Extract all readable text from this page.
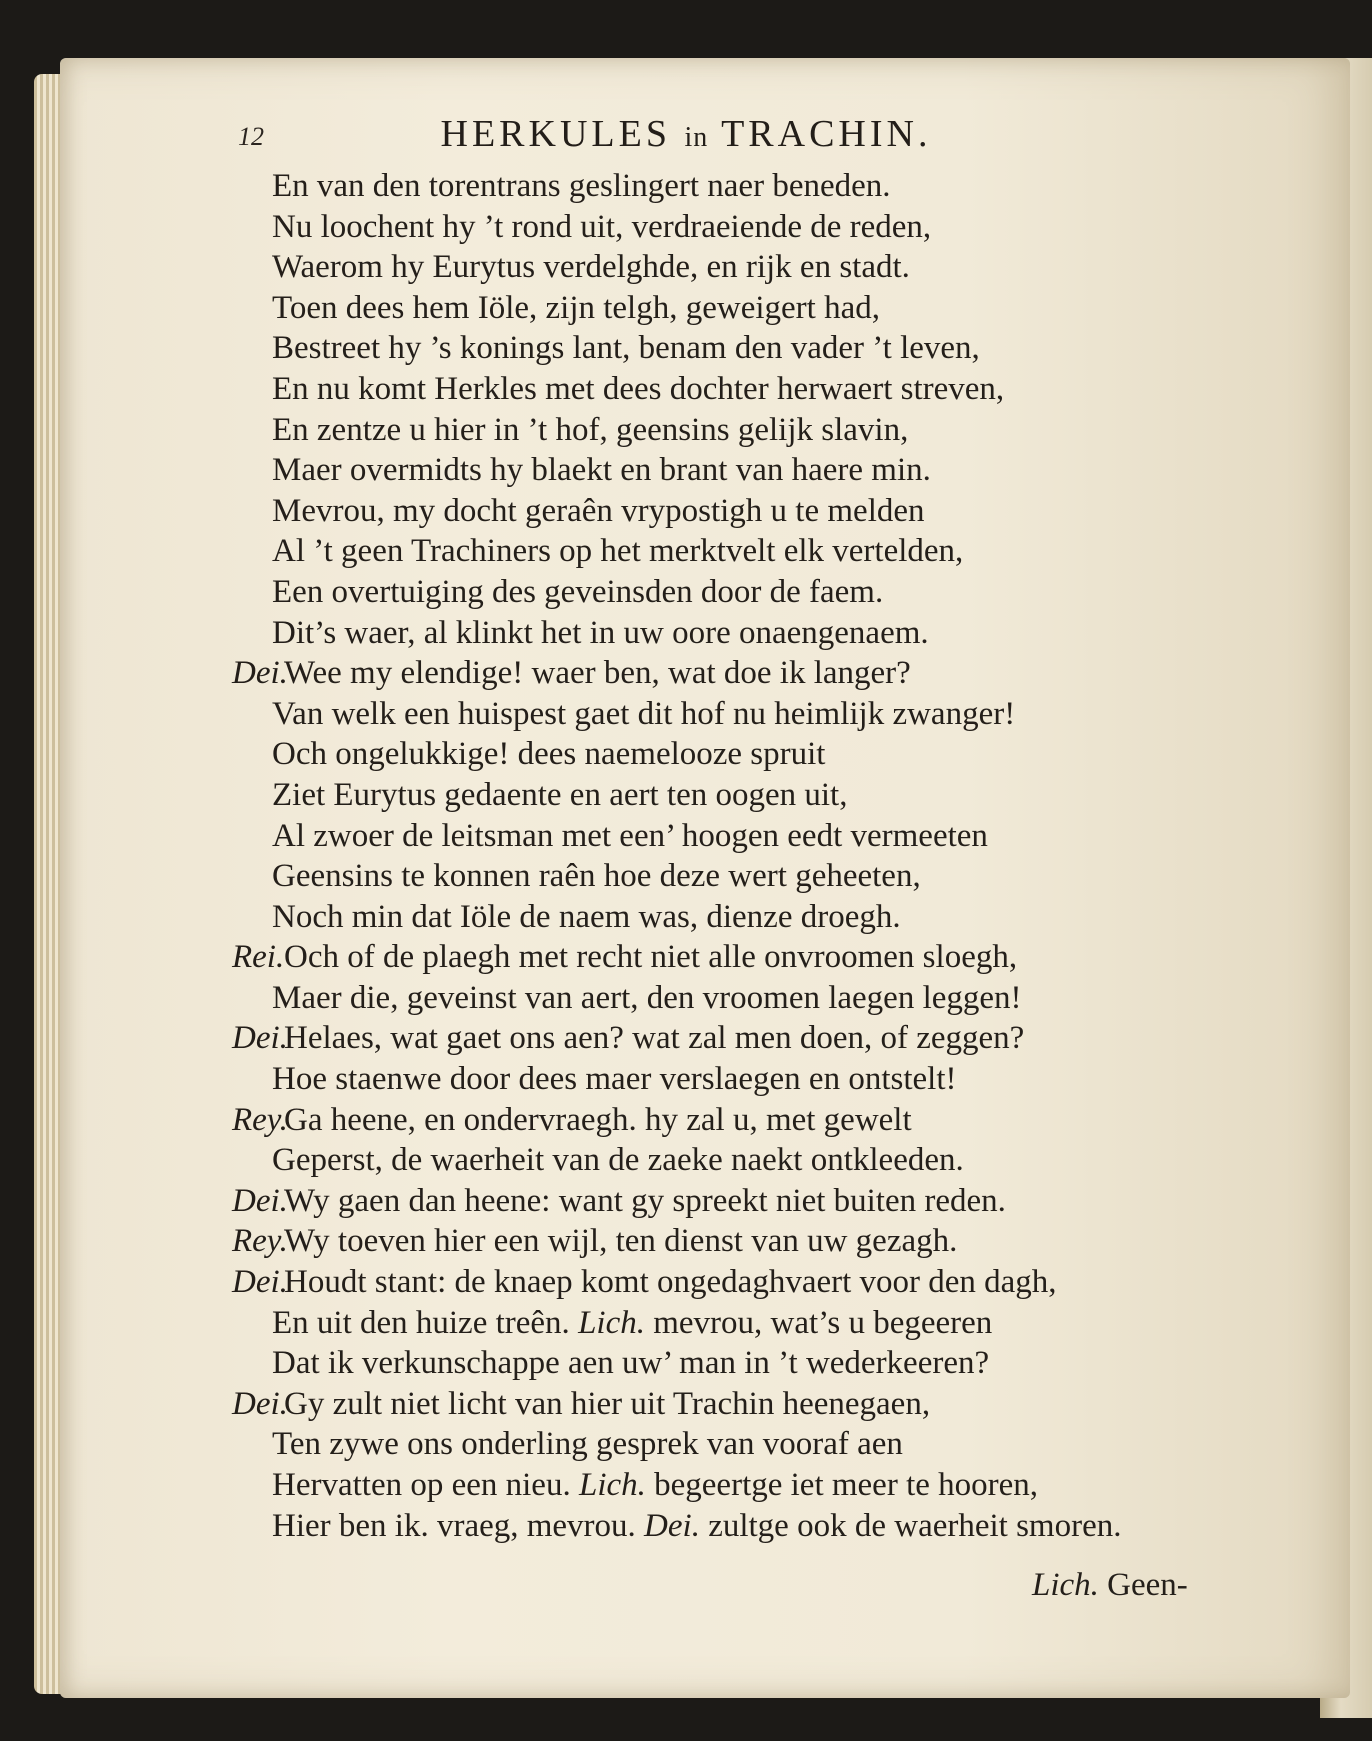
12	HERKULES in TRACHIN.
En van den torentrans geslingert naer beneden.
Nu loochent hy ’t rond uit, verdraeiende de reden,
Waerom hy Eurytus verdelghde, en rijk en stadt.
Toen dees hem Iöle, zijn telgh, geweigert had,
Bestreet hy ’s konings lant, benam den vader ’t leven,
En nu komt Herkles met dees dochter herwaert streven,
En zentze u hier in ’t hof, geensins gelijk slavin,
Maer overmidts hy blaekt en brant van haere min.
Mevrou, my docht geraên vrypostigh u te melden
Al ’t geen Trachiners op het merktvelt elk vertelden,
Een overtuiging des geveinsden door de faem.
Dit’s waer, al klinkt het in uw oore onaengenaem.
Dei.
Wee my elendige! waer ben, wat doe ik langer?
Van welk een huispest gaet dit hof nu heimlijk zwanger!
Och ongelukkige! dees naemelooze spruit
Ziet Eurytus gedaente en aert ten oogen uit,
Al zwoer de leitsman met een’ hoogen eedt vermeeten
Geensins te konnen raên hoe deze wert geheeten,
Noch min dat Iöle de naem was, dienze droegh.
Rei. Och of de plaegh met recht niet alle onvroomen sloegh,
Maer die, geveinst van aert, den vroomen laegen leggen!
Dei.
Helaes, wat gaet ons aen? wat zal men doen, of zeggen?
Hoe staenwe door dees maer verslaegen en ontstelt!
Rey.
Ga heene, en ondervraegh. hy zal u, met gewelt
Geperst, de waerheit van de zaeke naekt ontkleeden.
Dei.
Wy gaen dan heene: want gy spreekt niet buiten reden.
Rey.
Wy toeven hier een wijl, ten dienst van uw gezagh.
Dei.
Houdt stant: de knaep komt ongedaghvaert voor den dagh,
En uit den huize treên. Lich. mevrou, wat’s u begeeren
Dat ik verkunschappe aen uw’ man in ’t wederkeeren?
Dei.
Gy zult niet licht van hier uit Trachin heenegaen,
Ten zywe ons onderling gesprek van vooraf aen
Hervatten op een nieu. Lich. begeertge iet meer te hooren,
Hier ben ik. vraeg, mevrou. Dei. zultge ook de waerheit smoren.
Lich. Geen-
